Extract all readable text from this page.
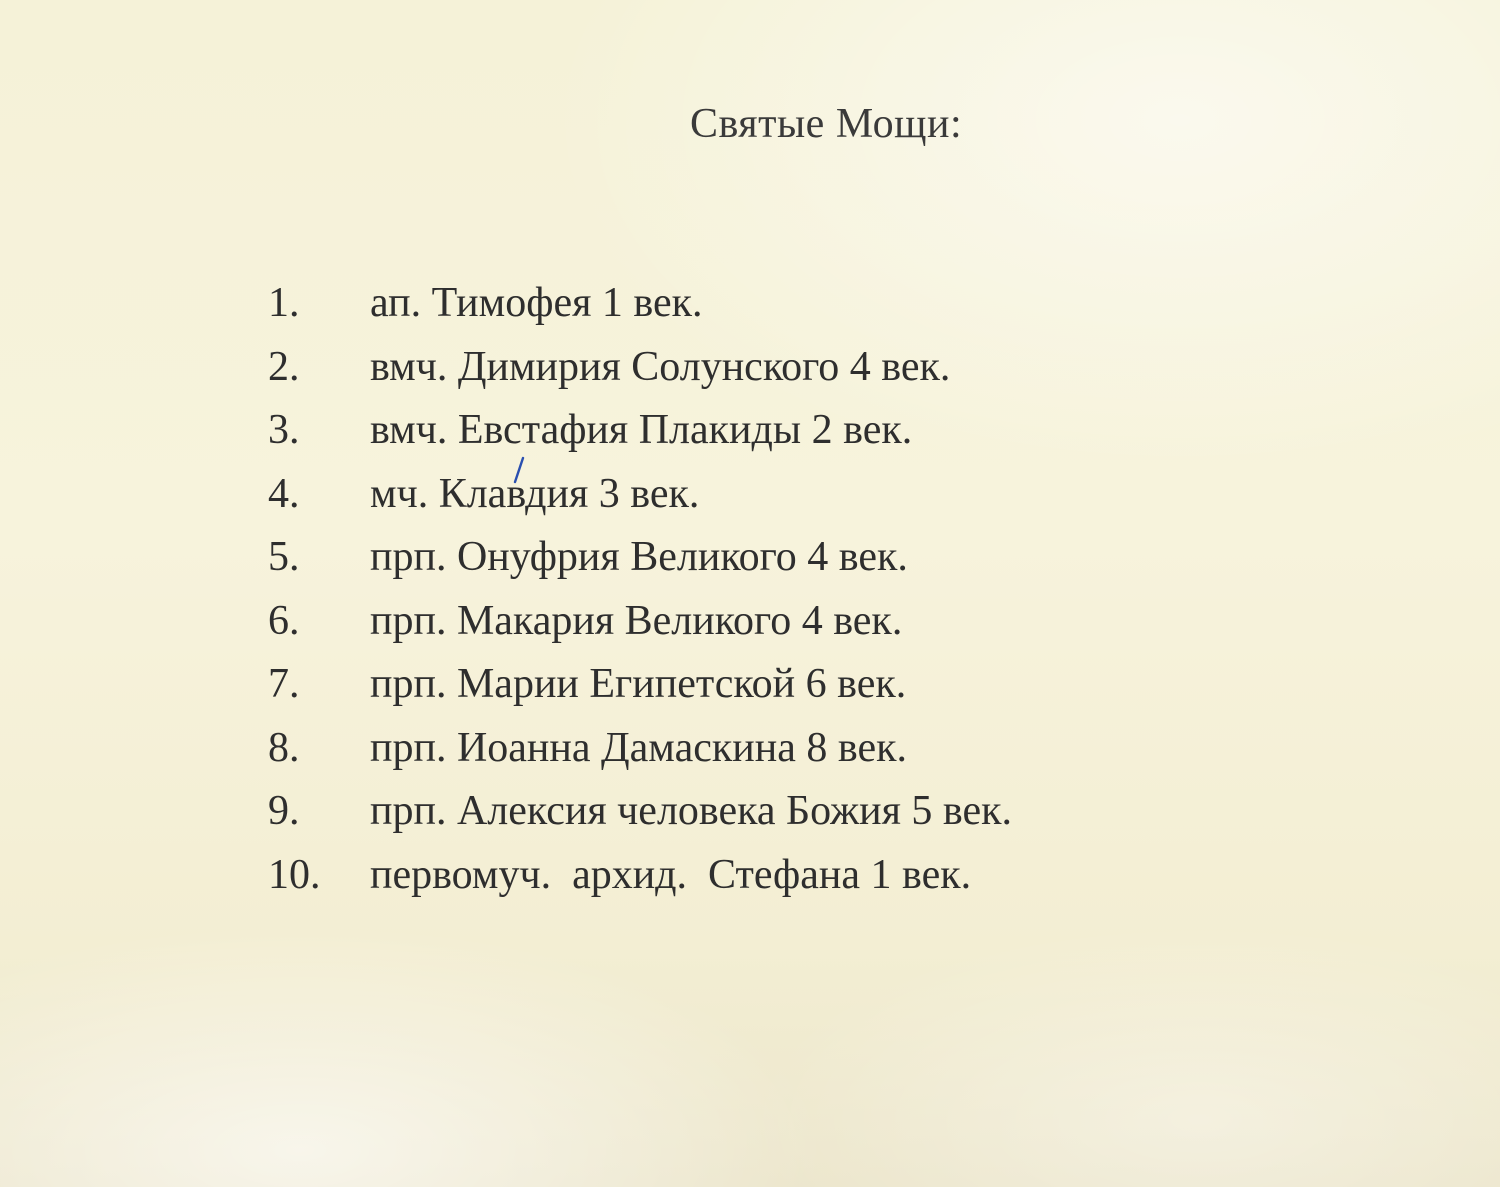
Святые Мощи:
1. ап. Тимофея 1 век.
2. вмч. Димирия Солунского 4 век.
3. вмч. Евстафия Плакиды 2 век.
4. мч. Клавдия 3 век.
5. прп. Онуфрия Великого 4 век.
6. прп. Макария Великого 4 век.
7. прп. Марии Египетской 6 век.
8. прп. Иоанна Дамаскина 8 век.
9. прп. Алексия человека Божия 5 век.
10. первомуч.  архид.  Стефана 1 век.
